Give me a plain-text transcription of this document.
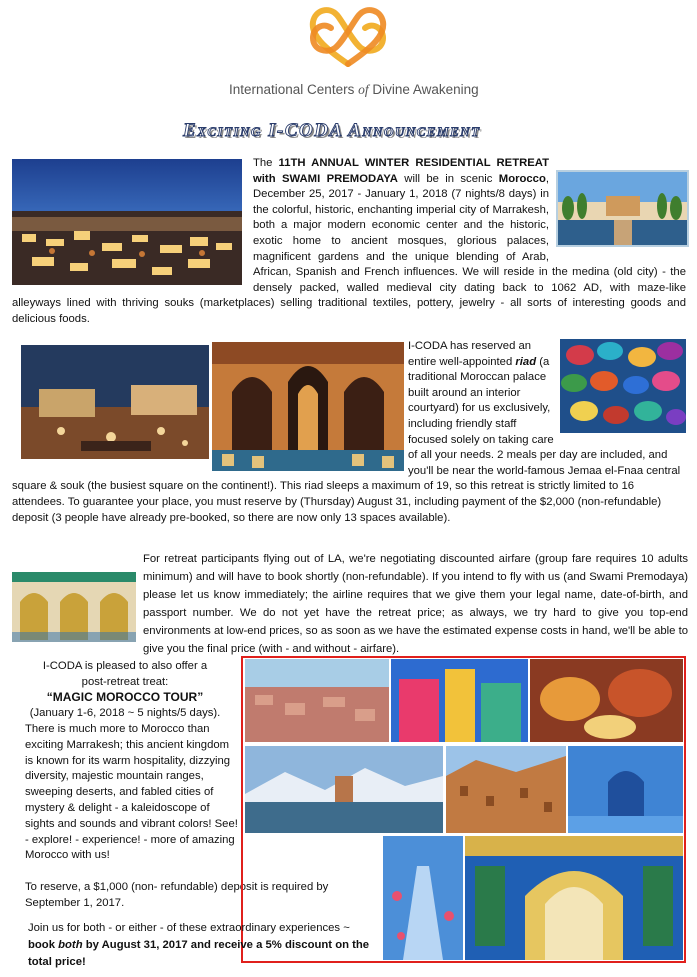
International Centers of Divine Awakening
Exciting I-CODA Announcement
The 11TH ANNUAL WINTER RESIDENTIAL RETREAT with SWAMI PREMODAYA will be in scenic Morocco, December 25, 2017 - January 1, 2018 (7 nights/8 days) in the colorful, historic, enchanting imperial city of Marrakesh, both a major modern economic center and the historic, exotic home to ancient mosques, glorious palaces, magnificent gardens and the unique blending of Arab, African, Spanish and French influences. We will reside in the medina (old city) - the densely packed, walled medieval city dating back to 1062 AD, with maze-like alleyways lined with thriving souks (marketplaces) selling traditional textiles, pottery, jewelry - all sorts of interesting goods and delicious foods.
I-CODA has reserved an entire well-appointed riad (a traditional Moroccan palace built around an interior courtyard) for us exclusively, including friendly staff focused solely on taking care of all your needs. 2 meals per day are included, and you'll be near the world-famous Jemaa el-Fnaa central square & souk (the busiest square on the continent!). This riad sleeps a maximum of 19, so this retreat is strictly limited to 16 attendees. To guarantee your place, you must reserve by (Thursday) August 31, including payment of the $2,000 (non-refundable) deposit (3 people have already pre-booked, so there are now only 13 spaces available).

For retreat participants flying out of LA, we're negotiating discounted airfare (group fare requires 10 adults minimum) and will have to book shortly (non-refundable). If you intend to fly with us (and Swami Premodaya) please let us know immediately; the airline requires that we give them your legal name, date-of-birth, and passport number. We do not yet have the retreat price; as always, we try hard to give you top-end environments at low-end prices, so as soon as we have the estimated expense costs in hand, we'll be able to give you the final price (with - and without - airfare).

I-CODA is pleased to also offer a post-retreat treat:
“MAGIC MOROCCO TOUR”
(January 1-6, 2018 ~ 5 nights/5 days).

There is much more to Morocco than exciting Marrakesh; this ancient kingdom is known for its warm hospitality, dizzying diversity, majestic mountain ranges, sweeping deserts, and fabled cities of mystery & delight - a kaleidoscope of sights and sounds and vibrant colors! See! - explore! - experience! - more of amazing Morocco with us!

To reserve, a $1,000 (non- refundable) deposit is required by September 1, 2017.

Join us for both - or either - of these extraordinary experiences ~ book both by August 31, 2017 and receive a 5% discount on the total price!
